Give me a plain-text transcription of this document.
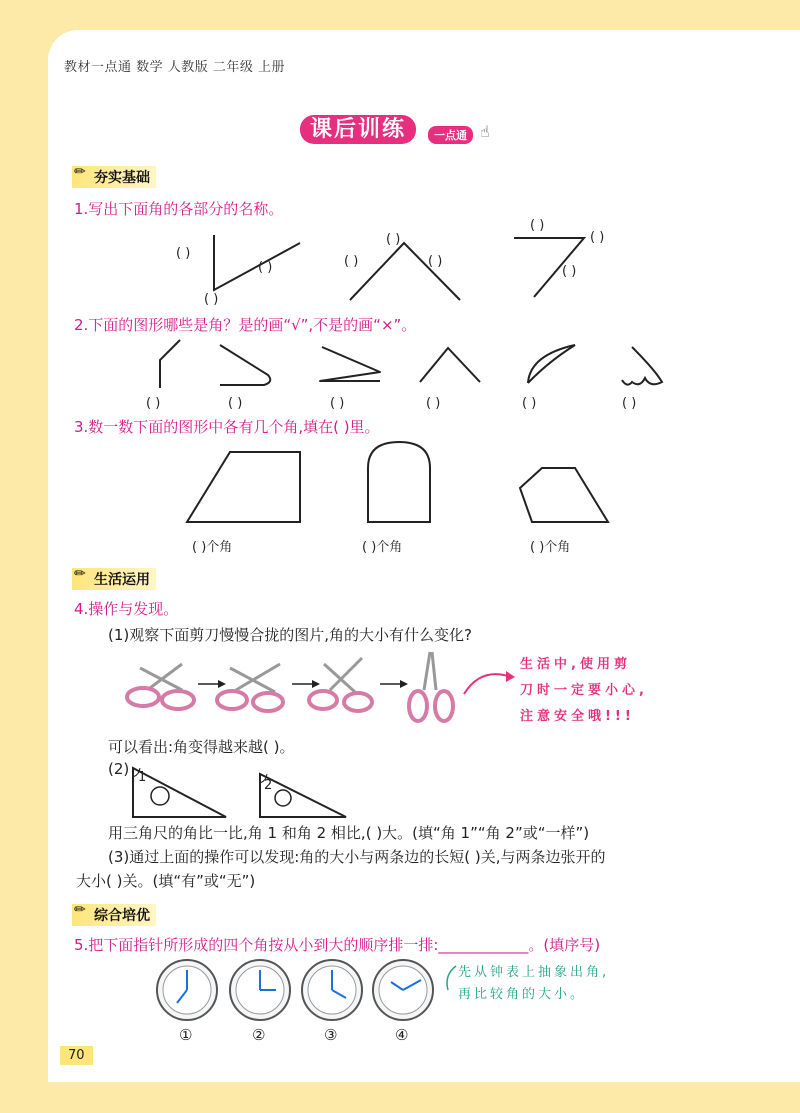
教材一点通 数学 人教版 二年级 上册
课后训练	一点通 ☝
✏ 夯实基础
1.写出下面角的各部分的名称。
( )
( )
( )
( )
( )	( )
( )
( )
( )
2.下面的图形哪些是角？是的画“√”,不是的画“×”。
( )	( )	( )	( )	( )	( )
3.数一数下面的图形中各有几个角,填在( )里。
( )个角	( )个角	( )个角
✏ 生活运用
4.操作与发现。
(1)观察下面剪刀慢慢合拢的图片,角的大小有什么变化?
生活中,使用剪
刀时一定要小心,
注意安全哦!!!
可以看出:角变得越来越( )。
(2) 1
2
用三角尺的角比一比,角 1 和角 2 相比,( )大。(填“角 1”“角 2”或“一样”)
(3)通过上面的操作可以发现:角的大小与两条边的长短( )关,与两条边张开的
大小( )关。(填“有”或“无”)
✏ 综合培优
5.把下面指针所形成的四个角按从小到大的顺序排一排:____________。(填序号)
先从钟表上抽象出角,
再比较角的大小。
①	②	③	④
70
